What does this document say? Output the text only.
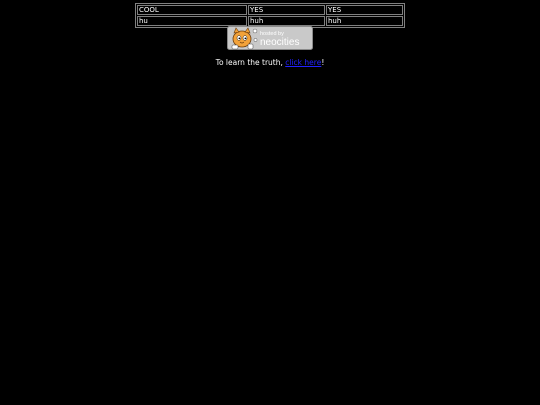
COOL	YES	YES
hu	huh	huh
hosted by
neocities
To learn the truth, click here!
